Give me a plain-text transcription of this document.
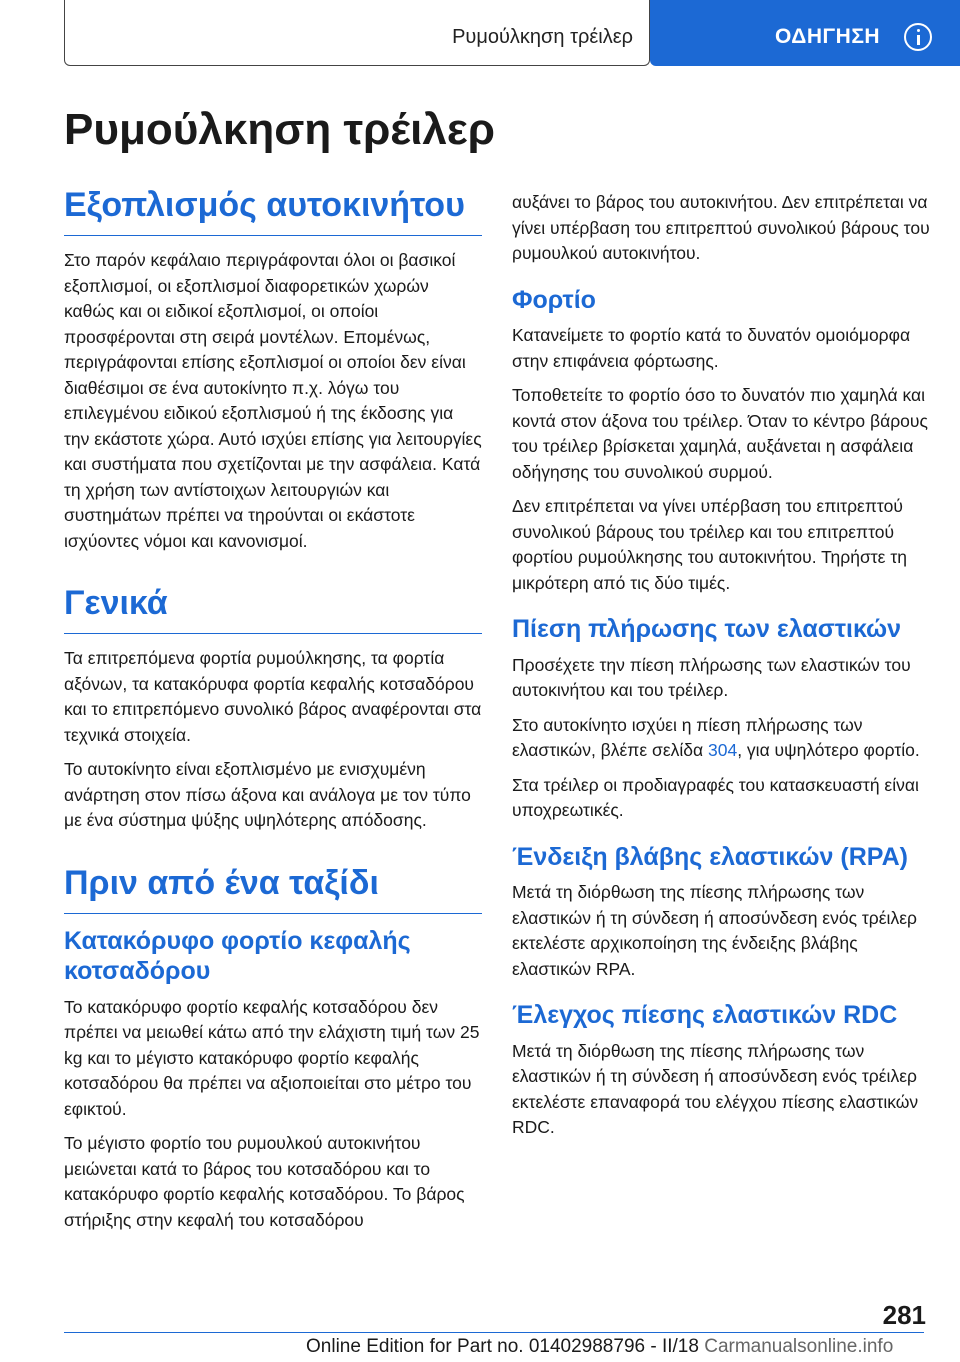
Ρυμούλκηση τρέιλερ	ΟΔΗΓΗΣΗ
Ρυμούλκηση τρέιλερ
Εξοπλισμός αυτοκινήτου

Στο παρόν κεφάλαιο περιγράφονται όλοι οι βασικοί εξοπλισμοί, οι εξοπλισμοί διαφορετικών χωρών καθώς και οι ειδικοί εξοπλισμοί, οι οποίοι προσφέρονται στη σειρά μοντέλων. Επομένως, περιγράφονται επίσης εξοπλισμοί οι οποίοι δεν είναι διαθέσιμοι σε ένα αυτοκίνητο π.χ. λόγω του επιλεγμένου ειδικού εξοπλισμού ή της έκδοσης για την εκάστοτε χώρα. Αυτό ισχύει επίσης για λειτουργίες και συστήματα που σχετίζονται με την ασφάλεια. Κατά τη χρήση των αντίστοιχων λειτουργιών και συστημάτων πρέπει να τηρούνται οι εκάστοτε ισχύοντες νόμοι και κανονισμοί.

Γενικά

Τα επιτρεπόμενα φορτία ρυμούλκησης, τα φορτία αξόνων, τα κατακόρυφα φορτία κεφαλής κοτσαδόρου και το επιτρεπόμενο συνολικό βάρος αναφέρονται στα τεχνικά στοιχεία.

Το αυτοκίνητο είναι εξοπλισμένο με ενισχυμένη ανάρτηση στον πίσω άξονα και ανάλογα με τον τύπο με ένα σύστημα ψύξης υψηλότερης απόδοσης.

Πριν από ένα ταξίδι
Κατακόρυφο φορτίο κεφαλής κοτσαδόρου

Το κατακόρυφο φορτίο κεφαλής κοτσαδόρου δεν πρέπει να μειωθεί κάτω από την ελάχιστη τιμή των 25 kg και το μέγιστο κατακόρυφο φορτίο κεφαλής κοτσαδόρου θα πρέπει να αξιοποιείται στο μέτρο του εφικτού.

Το μέγιστο φορτίο του ρυμουλκού αυτοκινήτου μειώνεται κατά το βάρος του κοτσαδόρου και το κατακόρυφο φορτίο κεφαλής κοτσαδόρου. Το βάρος στήριξης στην κεφαλή του κοτσαδόρου

αυξάνει το βάρος του αυτοκινήτου. Δεν επιτρέπεται να γίνει υπέρβαση του επιτρεπτού συνολικού βάρους του ρυμουλκού αυτοκινήτου.

Φορτίο

Κατανείμετε το φορτίο κατά το δυνατόν ομοιόμορφα στην επιφάνεια φόρτωσης.

Τοποθετείτε το φορτίο όσο το δυνατόν πιο χαμηλά και κοντά στον άξονα του τρέιλερ. Όταν το κέντρο βάρους του τρέιλερ βρίσκεται χαμηλά, αυξάνεται η ασφάλεια οδήγησης του συνολικού συρμού.

Δεν επιτρέπεται να γίνει υπέρβαση του επιτρεπτού συνολικού βάρους του τρέιλερ και του επιτρεπτού φορτίου ρυμούλκησης του αυτοκινήτου. Τηρήστε τη μικρότερη από τις δύο τιμές.

Πίεση πλήρωσης των ελαστικών

Προσέχετε την πίεση πλήρωσης των ελαστικών του αυτοκινήτου και του τρέιλερ.

Στο αυτοκίνητο ισχύει η πίεση πλήρωσης των ελαστικών, βλέπε σελίδα 304, για υψηλότερο φορτίο.

Στα τρέιλερ οι προδιαγραφές του κατασκευαστή είναι υποχρεωτικές.

Ένδειξη βλάβης ελαστικών (RPA)

Μετά τη διόρθωση της πίεσης πλήρωσης των ελαστικών ή τη σύνδεση ή αποσύνδεση ενός τρέιλερ εκτελέστε αρχικοποίηση της ένδειξης βλάβης ελαστικών RPA.

Έλεγχος πίεσης ελαστικών RDC

Μετά τη διόρθωση της πίεσης πλήρωσης των ελαστικών ή τη σύνδεση ή αποσύνδεση ενός τρέιλερ εκτελέστε επαναφορά του ελέγχου πίεσης ελαστικών RDC.

281
Online Edition for Part no. 01402988796 - II/18 Carmanualsonline.info
